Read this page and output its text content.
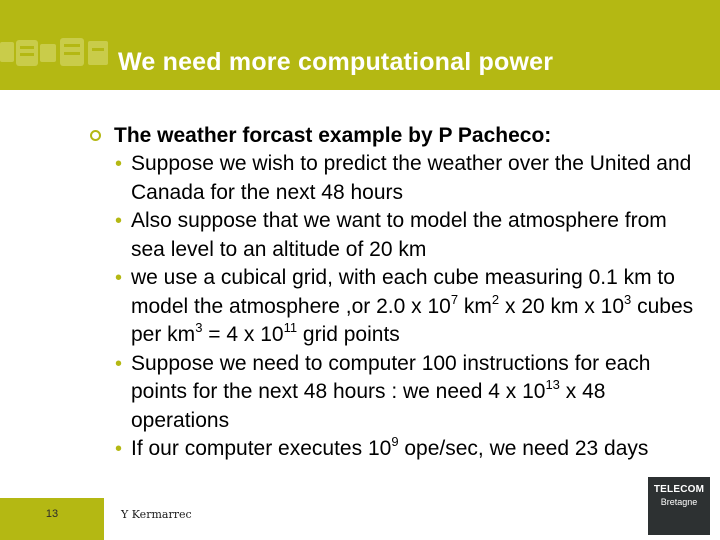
We need more computational power
The weather forcast example by P Pacheco:
• Suppose we wish to predict the weather over the United and Canada for the next 48 hours
• Also suppose that we want to model the atmosphere from sea level to an altitude of 20 km
• we use a cubical grid, with each cube measuring 0.1 km to model the atmosphere ,or 2.0 x $10^7$ $km^2$ x 20 km x $10^3$ cubes per $km^3 = 4$ x $10^{11}$ grid points
• Suppose we need to computer 100 instructions for each points for the next 48 hours : we need 4 x $10^{13}$ x 48 operations
• If our computer executes $10^9$ ope/sec, we need 23 days
13	Y Kermarrec
TELECOM
Bretagne
